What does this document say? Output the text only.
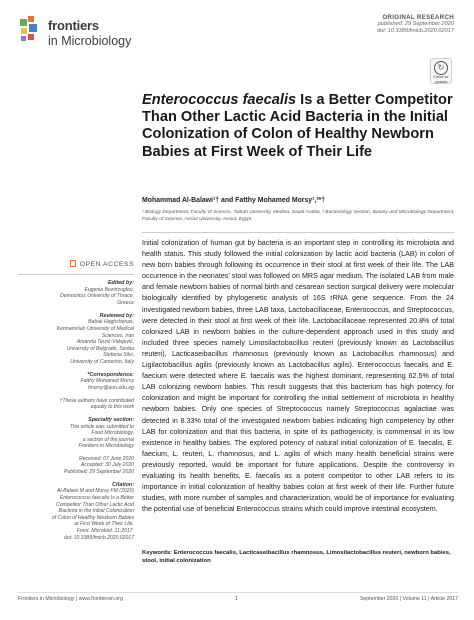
frontiers
in Microbiology
ORIGINAL RESEARCH
published: 29 September 2020
doi: 10.3389/fmicb.2020.02017
↻
Check for updates
Enterococcus faecalis Is a Better Competitor Than Other Lactic Acid Bacteria in the Initial Colonization of Colon of Healthy Newborn Babies at First Week of Their Life
Mohammad Al-Balawi¹† and Fatthy Mohamed Morsy¹,²*†
¹ Biology Department, Faculty of Science, Taibah University, Medina, Saudi Arabia, ² Bacteriology Section, Botany and Microbiology Department, Faculty of Science, Assiut University, Assiut, Egypt
OPEN ACCESS
Edited by:
Eugenia Bezirtzoglou,
Democritus University of Thrace,
Greece
Reviewed by:
Babak Haghshenas,
Kermanshah University of Medical
Sciences, Iran
Amarela Terzić-Vidojević,
University of Belgrade, Serbia
Stefania Silvi,
University of Camerino, Italy
*Correspondence:
Fatthy Mohamed Morsy
fmorsy@aun.edu.eg
†These authors have contributed
equally to this work
Specialty section:
This article was submitted to
Food Microbiology,
a section of the journal
Frontiers in Microbiology
Received: 07 June 2020
Accepted: 30 July 2020
Published: 29 September 2020
Citation:
Al-Balawi M and Morsy FM (2020)
Enterococcus faecalis Is a Better
Competitor Than Other Lactic Acid
Bacteria in the Initial Colonization
of Colon of Healthy Newborn Babies
at First Week of Their Life.
Front. Microbiol. 11:2017.
doi: 10.3389/fmicb.2020.02017

Initial colonization of human gut by bacteria is an important step in controlling its microbiota and health status. This study followed the initial colonization by lactic acid bacteria (LAB) in colon of new born babies through following its occurrence in their stool at first week of their life. The LAB occurrence in the neonates' stool was followed on MRS agar medium. The isolated LAB from male and female newborn babies of normal birth and cesarean section surgical delivery were molecular biologically identified by phylogenetic analysis of 16S rRNA gene sequence. From the 24 investigated newborn babies, three LAB taxa, Lactobacillaceae, Enterococcus, and Streptococcus, were detected in their stool at first week of their life. Lactobacillaceae represented 20.8% of total colonized LAB in newborn babies in the culture-dependent approach used in this study and included three species namely Limosilactobacillus reuteri (previously known as Lactobacillus reuteri), Lacticaseibacillus rhamnosus (previously known as Lactobacillus rhamnosus) and Ligilactobacillus agilis (previously known as Lactobacillus agilis). Enterococcus faecalis and E. faecium were detected where E. faecalis was the highest dominant, representing 62.5% of total LAB colonizing newborn babies. This result suggests that this bacterium has high potency for colonization and might be important for controlling the initial settlement of microbiota in healthy newborn babies. Only one species of Streptococcus namely Streptococcus agalactiae was detected in 8.33% total of the investigated newborn babies indicating high competency by other LAB for colonization and that this bacteria, in spite of its pathogenicity, is commensal in its low existence in healthy babies. The explored potency of natural initial colonization of E. faecalis, E. faecium, L. reuteri, L. rhamnosus, and L. agilis of which many health beneficial strains were previously reported, would be important for future applications. Despite the controversy in evaluating its health benefits, E. faecalis as a potent competitor to other LAB refers to its importance in initial colonization of healthy babies colon at first week of their life. Further future studies, with more number of samples and characterization, would be of importance for evaluating the potential use of beneficial Enterococcus strains which could improve intestinal ecosystem.

Keywords: Enterococcus faecalis, Lacticaseibacillus rhamnosus, Limosilactobacillus reuteri, newborn babies, stool, initial colonization
Frontiers in Microbiology | www.frontiersin.org	1	September 2020 | Volume 11 | Article 2017
